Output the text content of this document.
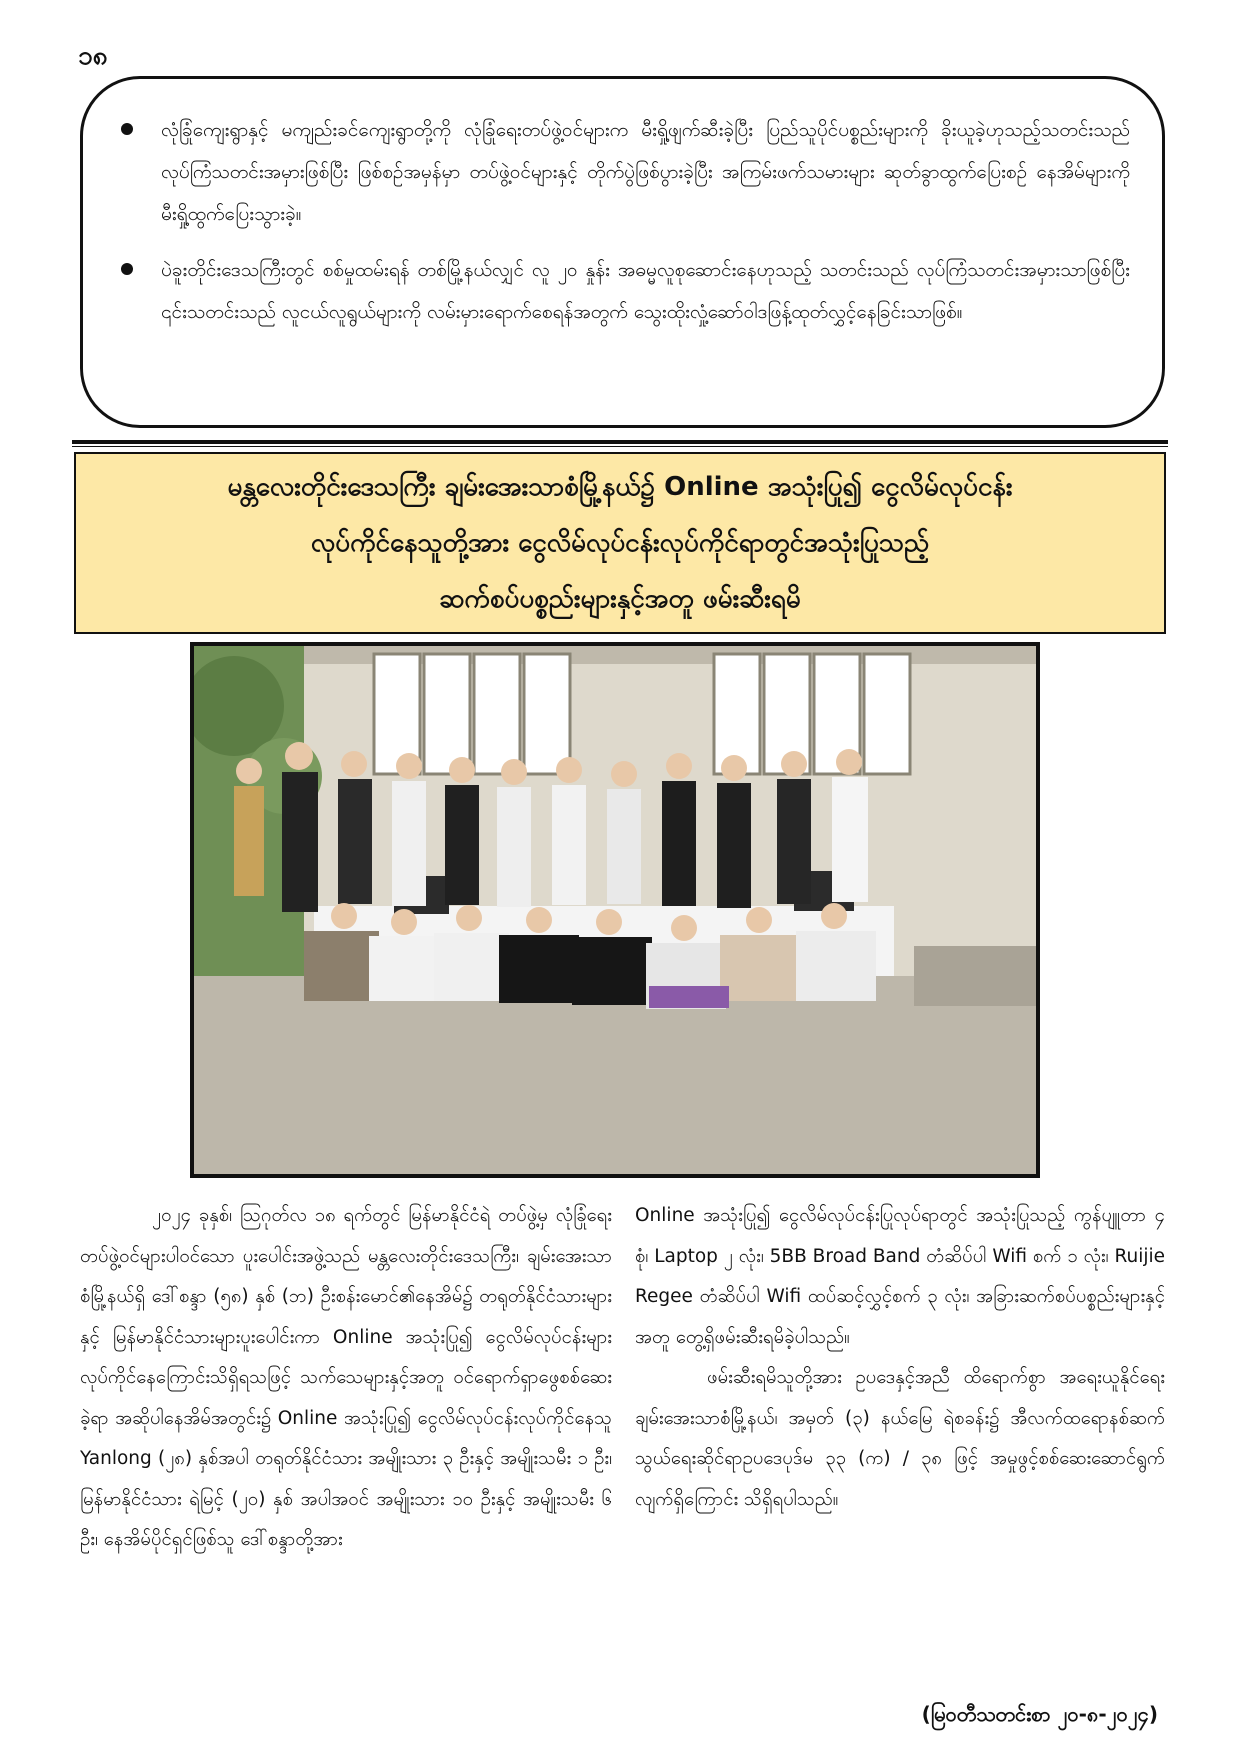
၁၈
လုံခြုံကျေးရွာနှင့် မကျည်းခင်ကျေးရွာတို့ကို လုံခြုံရေးတပ်ဖွဲ့ဝင်များက မီးရှို့ဖျက်ဆီးခဲ့ပြီး ပြည်သူပိုင်ပစ္စည်းများကို ခိုးယူခဲ့ဟုသည့်သတင်းသည် လုပ်ကြံသတင်းအမှားဖြစ်ပြီး ဖြစ်စဉ်အမှန်မှာ တပ်ဖွဲ့ဝင်များနှင့် တိုက်ပွဲဖြစ်ပွားခဲ့ပြီး အကြမ်းဖက်သမားများ ဆုတ်ခွာထွက်ပြေးစဉ် နေအိမ်များကို မီးရှို့ထွက်ပြေးသွားခဲ့။
ပဲခူးတိုင်းဒေသကြီးတွင် စစ်မှုထမ်းရန် တစ်မြို့နယ်လျှင် လူ ၂၀ နှုန်း အဓမ္မလူစုဆောင်းနေဟုသည့် သတင်းသည် လုပ်ကြံသတင်းအမှားသာဖြစ်ပြီး ၎င်းသတင်းသည် လူငယ်လူရွယ်များကို လမ်းမှားရောက်စေရန်အတွက် သွေးထိုးလှုံ့ဆော်ဝါဒဖြန့်ထုတ်လွှင့်နေခြင်းသာဖြစ်။
မန္တလေးတိုင်းဒေသကြီး ချမ်းအေးသာစံမြို့နယ်၌ Online အသုံးပြု၍ ငွေလိမ်လုပ်ငန်း
လုပ်ကိုင်နေသူတို့အား ငွေလိမ်လုပ်ငန်းလုပ်ကိုင်ရာတွင်အသုံးပြုသည့်
ဆက်စပ်ပစ္စည်းများနှင့်အတူ ဖမ်းဆီးရမိ

၂၀၂၄ ခုနှစ်၊ ဩဂုတ်လ ၁၈ ရက်တွင် မြန်မာနိုင်ငံရဲ တပ်ဖွဲ့မှ လုံခြုံရေးတပ်ဖွဲ့ဝင်များပါဝင်သော ပူးပေါင်းအဖွဲ့သည် မန္တလေးတိုင်းဒေသကြီး၊ ချမ်းအေးသာစံမြို့နယ်ရှိ ဒေါ်စန္ဒာ (၅၈) နှစ် (ဘ) ဦးစန်းမောင်၏နေအိမ်၌ တရုတ်နိုင်ငံသားများနှင့် မြန်မာနိုင်ငံသားများပူးပေါင်းကာ Online အသုံးပြု၍ ငွေလိမ်လုပ်ငန်းများလုပ်ကိုင်နေကြောင်းသိရှိရသဖြင့် သက်သေများနှင့်အတူ ဝင်ရောက်ရှာဖွေစစ်ဆေးခဲ့ရာ အဆိုပါနေအိမ်အတွင်း၌ Online အသုံးပြု၍ ငွေလိမ်လုပ်ငန်းလုပ်ကိုင်နေသူ Yanlong (၂၈) နှစ်အပါ တရုတ်နိုင်ငံသား အမျိုးသား ၃ ဦးနှင့် အမျိုးသမီး ၁ ဦး၊ မြန်မာနိုင်ငံသား ရဲမြင့် (၂၀) နှစ် အပါအဝင် အမျိုးသား ၁၀ ဦးနှင့် အမျိုးသမီး ၆ ဦး၊ နေအိမ်ပိုင်ရှင်ဖြစ်သူ ဒေါ်စန္ဒာတို့အား

Online အသုံးပြု၍ ငွေလိမ်လုပ်ငန်းပြုလုပ်ရာတွင် အသုံးပြုသည့် ကွန်ပျူတာ ၄ စုံ၊ Laptop ၂ လုံး၊ 5BB Broad Band တံဆိပ်ပါ Wifi စက် ၁ လုံး၊ Ruijie Regee တံဆိပ်ပါ Wifi ထပ်ဆင့်လွှင့်စက် ၃ လုံး၊ အခြားဆက်စပ်ပစ္စည်းများနှင့်အတူ တွေ့ရှိဖမ်းဆီးရမိခဲ့ပါသည်။

ဖမ်းဆီးရမိသူတို့အား ဥပဒေနှင့်အညီ ထိရောက်စွာ အရေးယူနိုင်ရေး ချမ်းအေးသာစံမြို့နယ်၊ အမှတ် (၃) နယ်မြေ ရဲစခန်း၌ အီလက်ထရောနစ်ဆက်သွယ်ရေးဆိုင်ရာဥပဒေပုဒ်မ ၃၃ (က) / ၃၈ ဖြင့် အမှုဖွင့်စစ်ဆေးဆောင်ရွက်လျက်ရှိကြောင်း သိရှိရပါသည်။

(မြဝတီသတင်းစာ ၂၀-၈-၂၀၂၄)
